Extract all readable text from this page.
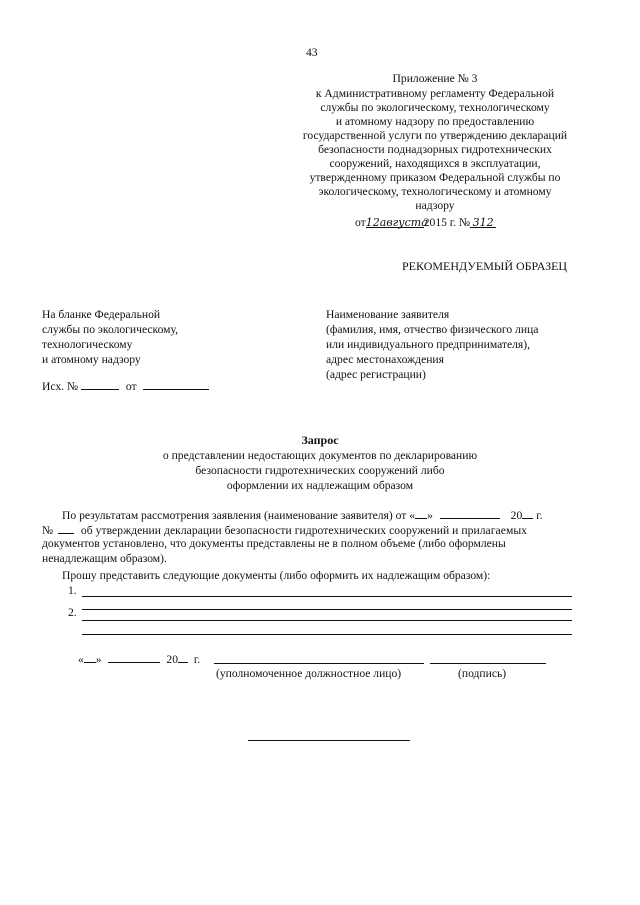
43
Приложение № 3
к Административному регламенту Федеральной
службы по экологическому, технологическому
и атомному надзору по предоставлению
государственной услуги по утверждению деклараций
безопасности поднадзорных гидротехнических
сооружений, находящихся в эксплуатации,
утвержденному приказом Федеральной службы по
экологическому, технологическому и атомному
надзору
от12августа2015 г. № 312
РЕКОМЕНДУЕМЫЙ ОБРАЗЕЦ
На бланке Федеральной
службы по экологическому,
технологическому
и атомному надзору
Исх. №	от
Наименование заявителя
(фамилия, имя, отчество физического лица
или индивидуального предпринимателя),
адрес местонахождения
(адрес регистрации)
Запрос
о представлении недостающих документов по декларированию
безопасности гидротехнических сооружений либо
оформлении их надлежащим образом
По результатам рассмотрения заявления (наименование заявителя) от « »	20 г.
№ об утверждении декларации безопасности гидротехнических сооружений и прилагаемых
документов установлено, что документы представлены не в полном объеме (либо оформлены
ненадлежащим образом).
Прошу представить следующие документы (либо оформить их надлежащим образом):
1.
2.
« »	20 г.
(уполномоченное должностное лицо)	(подпись)
